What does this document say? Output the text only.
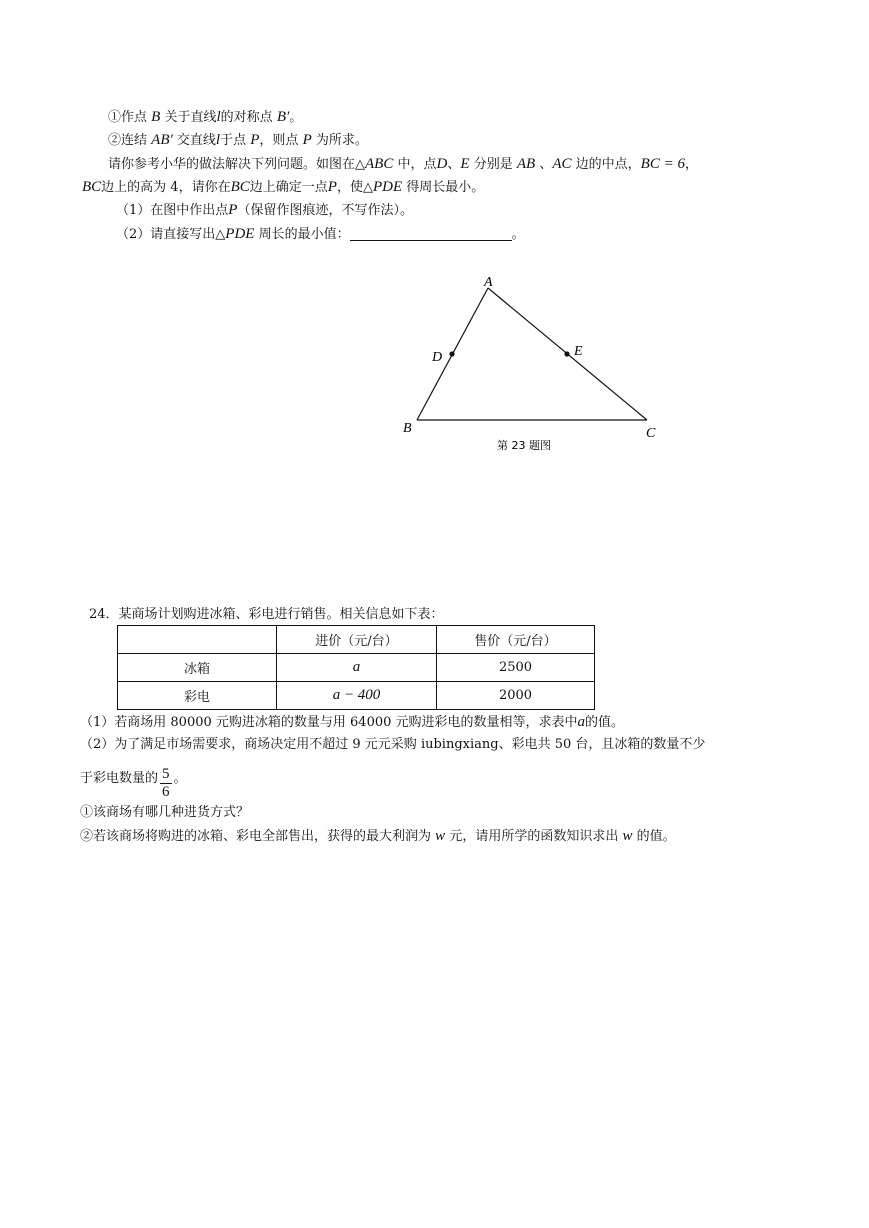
①作点 B 关于直线l的对称点 B′。
②连结 AB′ 交直线l于点 P，则点 P 为所求。
请你参考小华的做法解决下列问题。如图在△ABC 中，点D、E 分别是 AB 、AC 边的中点，BC = 6，
BC边上的高为 4，请你在BC边上确定一点P，使△PDE 得周长最小。
（1）在图中作出点P（保留作图痕迹，不写作法）。
（2）请直接写出△PDE 周长的最小值：	。
A
B	C
D	E
第 23 题图
24．某商场计划购进冰箱、彩电进行销售。相关信息如下表：
	进价（元/台）	售价（元/台）
冰箱	a	2500
彩电	a − 400	2000
（1）若商场用 80000 元购进冰箱的数量与用 64000 元购进彩电的数量相等，求表中a的值。
（2）为了满足市场需要求，商场决定用不超过 9 元元采购 iubingxiang、彩电共 50 台，且冰箱的数量不少
于彩电数量的 $\frac{5}{6}$ 。
①该商场有哪几种进货方式？
②若该商场将购进的冰箱、彩电全部售出，获得的最大利润为 w 元，请用所学的函数知识求出 w 的值。
